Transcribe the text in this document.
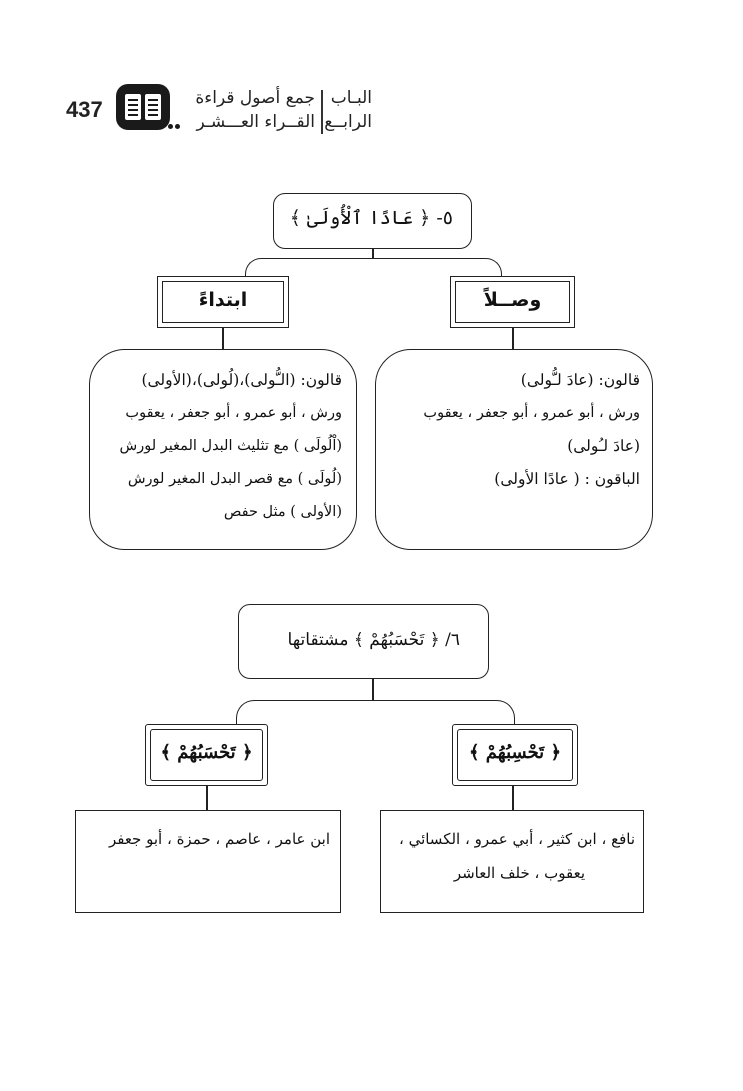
437	جمع أصول قراءة
القــراء العـــشـر
البـاب
الرابــع
٥- ﴿ عَادًا ٱلْأُولَىٰ ﴾
ابتداءً	وصــلاً
قالون: (الـُّولى)،(لُولى)،(الأولى)
ورش ، أبو عمرو ، أبو جعفر ، يعقوب
(اْلُولَى ) مع تثليث البدل المغير لورش
(لُولَى ) مع قصر البدل المغير لورش
(الأولى ) مثل حفص
قالون: (عادَ لـُّولى)
ورش ، أبو عمرو ، أبو جعفر ، يعقوب
(عادَ لـُولى)
الباقون : ( عادًا الأولى)
٦/ ﴿ تَحْسَبُهُمْ ﴾ مشتقاتها
﴿ تَحْسَبُهُمْ ﴾	﴿ تَحْسِبُهُمْ ﴾
ابن عامر ، عاصم ، حمزة ، أبو جعفر	نافع ، ابن كثير ، أبي عمرو ، الكسائي ،
يعقوب ، خلف العاشر
